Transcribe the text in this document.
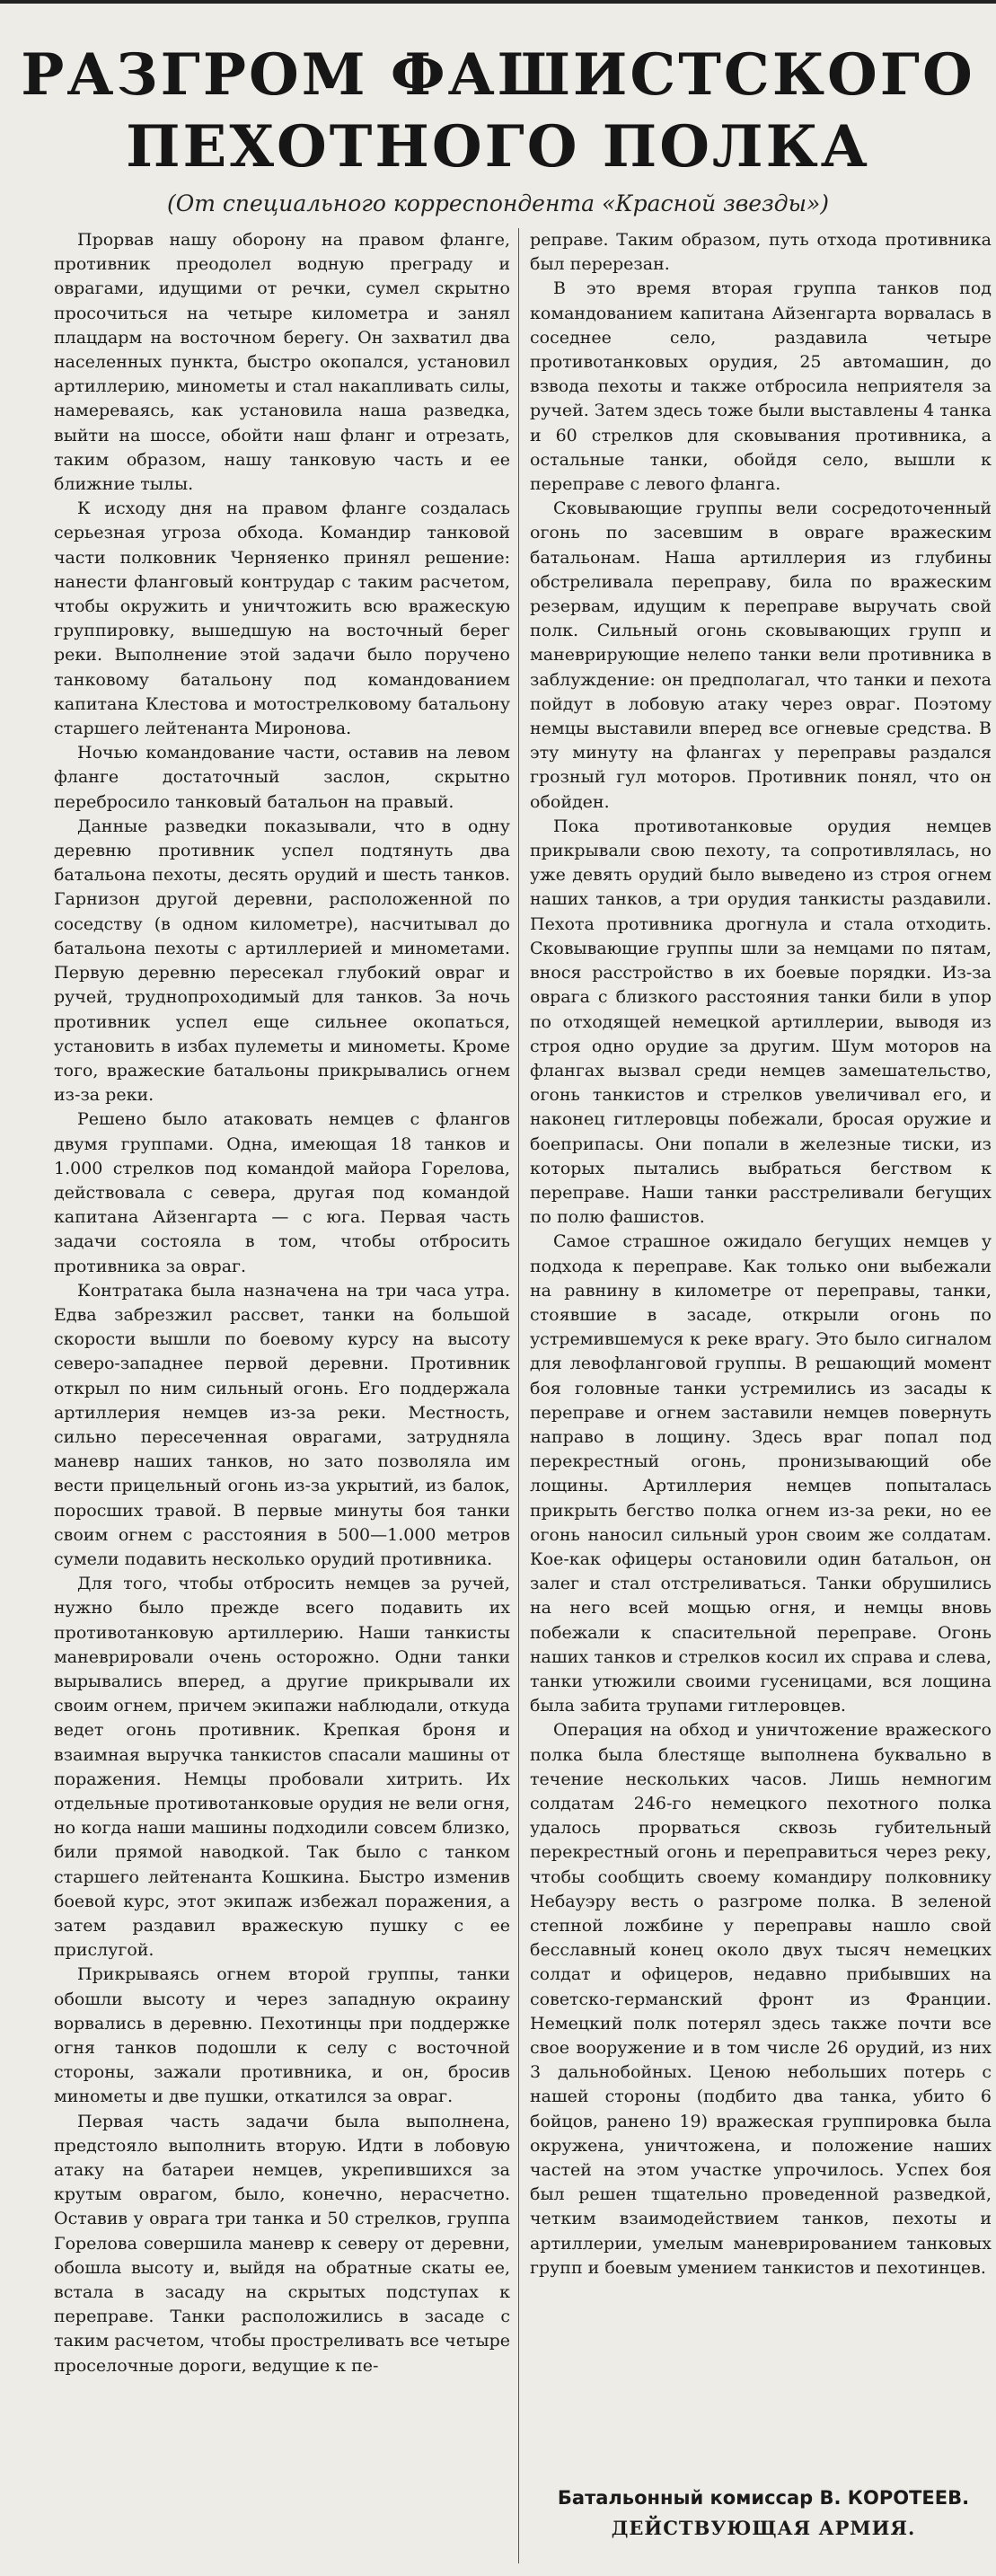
РАЗГРОМ ФАШИСТСКОГО
ПЕХОТНОГО ПОЛКА
(От специального корреспондента «Красной звезды»)

Прорвав нашу оборону на правом фланге, противник преодолел водную преграду и оврагами, идущими от речки, сумел скрытно просочиться на четыре километра и занял плацдарм на восточном берегу. Он захватил два населенных пункта, быстро окопался, установил артиллерию, минометы и стал накапливать силы, намереваясь, как установила наша разведка, выйти на шоссе, обойти наш фланг и отрезать, таким образом, нашу танковую часть и ее ближние тылы.

К исходу дня на правом фланге создалась серьезная угроза обхода. Командир танковой части полковник Черняенко принял решение: нанести фланговый контрудар с таким расчетом, чтобы окружить и уничтожить всю вражескую группировку, вышедшую на восточный берег реки. Выполнение этой задачи было поручено танковому батальону под командованием капитана Клестова и мотострелковому батальону старшего лейтенанта Миронова.

Ночью командование части, оставив на левом фланге достаточный заслон, скрытно перебросило танковый батальон на правый.

Данные разведки показывали, что в одну деревню противник успел подтянуть два батальона пехоты, десять орудий и шесть танков. Гарнизон другой деревни, расположенной по соседству (в одном километре), насчитывал до батальона пехоты с артиллерией и минометами. Первую деревню пересекал глубокий овраг и ручей, труднопроходимый для танков. За ночь противник успел еще сильнее окопаться, установить в избах пулеметы и минометы. Кроме того, вражеские батальоны прикрывались огнем из-за реки.

Решено было атаковать немцев с флангов двумя группами. Одна, имеющая 18 танков и 1.000 стрелков под командой майора Горелова, действовала с севера, другая под командой капитана Айзенгарта — с юга. Первая часть задачи состояла в том, чтобы отбросить противника за овраг.

Контратака была назначена на три часа утра. Едва забрезжил рассвет, танки на большой скорости вышли по боевому курсу на высоту северо-западнее первой деревни. Противник открыл по ним сильный огонь. Его поддержала артиллерия немцев из-за реки. Местность, сильно пересеченная оврагами, затрудняла маневр наших танков, но зато позволяла им вести прицельный огонь из-за укрытий, из балок, поросших травой. В первые минуты боя танки своим огнем с расстояния в 500—1.000 метров сумели подавить несколько орудий противника.

Для того, чтобы отбросить немцев за ручей, нужно было прежде всего подавить их противотанковую артиллерию. Наши танкисты маневрировали очень осторожно. Одни танки вырывались вперед, а другие прикрывали их своим огнем, причем экипажи наблюдали, откуда ведет огонь противник. Крепкая броня и взаимная выручка танкистов спасали машины от поражения. Немцы пробовали хитрить. Их отдельные противотанковые орудия не вели огня, но когда наши машины подходили совсем близко, били прямой наводкой. Так было с танком старшего лейтенанта Кошкина. Быстро изменив боевой курс, этот экипаж избежал поражения, а затем раздавил вражескую пушку с ее прислугой.

Прикрываясь огнем второй группы, танки обошли высоту и через западную окраину ворвались в деревню. Пехотинцы при поддержке огня танков подошли к селу с восточной стороны, зажали противника, и он, бросив минометы и две пушки, откатился за овраг.

Первая часть задачи была выполнена, предстояло выполнить вторую. Идти в лобовую атаку на батареи немцев, укрепившихся за крутым оврагом, было, конечно, нерасчетно. Оставив у оврага три танка и 50 стрелков, группа Горелова совершила маневр к северу от деревни, обошла высоту и, выйдя на обратные скаты ее, встала в засаду на скрытых подступах к переправе. Танки расположились в засаде с таким расчетом, чтобы простреливать все четыре проселочные дороги, ведущие к пе-

реправе. Таким образом, путь отхода противника был перерезан.

В это время вторая группа танков под командованием капитана Айзенгарта ворвалась в соседнее село, раздавила четыре противотанковых орудия, 25 автомашин, до взвода пехоты и также отбросила неприятеля за ручей. Затем здесь тоже были выставлены 4 танка и 60 стрелков для сковывания противника, а остальные танки, обойдя село, вышли к переправе с левого фланга.

Сковывающие группы вели сосредоточенный огонь по засевшим в овраге вражеским батальонам. Наша артиллерия из глубины обстреливала переправу, била по вражеским резервам, идущим к переправе выручать свой полк. Сильный огонь сковывающих групп и маневрирующие нелепо танки вели противника в заблуждение: он предполагал, что танки и пехота пойдут в лобовую атаку через овраг. Поэтому немцы выставили вперед все огневые средства. В эту минуту на флангах у переправы раздался грозный гул моторов. Противник понял, что он обойден.

Пока противотанковые орудия немцев прикрывали свою пехоту, та сопротивлялась, но уже девять орудий было выведено из строя огнем наших танков, а три орудия танкисты раздавили. Пехота противника дрогнула и стала отходить. Сковывающие группы шли за немцами по пятам, внося расстройство в их боевые порядки. Из-за оврага с близкого расстояния танки били в упор по отходящей немецкой артиллерии, выводя из строя одно орудие за другим. Шум моторов на флангах вызвал среди немцев замешательство, огонь танкистов и стрелков увеличивал его, и наконец гитлеровцы побежали, бросая оружие и боеприпасы. Они попали в железные тиски, из которых пытались выбраться бегством к переправе. Наши танки расстреливали бегущих по полю фашистов.

Самое страшное ожидало бегущих немцев у подхода к переправе. Как только они выбежали на равнину в километре от переправы, танки, стоявшие в засаде, открыли огонь по устремившемуся к реке врагу. Это было сигналом для левофланговой группы. В решающий момент боя головные танки устремились из засады к переправе и огнем заставили немцев повернуть направо в лощину. Здесь враг попал под перекрестный огонь, пронизывающий обе лощины. Артиллерия немцев попыталась прикрыть бегство полка огнем из-за реки, но ее огонь наносил сильный урон своим же солдатам. Кое-как офицеры остановили один батальон, он залег и стал отстреливаться. Танки обрушились на него всей мощью огня, и немцы вновь побежали к спасительной переправе. Огонь наших танков и стрелков косил их справа и слева, танки утюжили своими гусеницами, вся лощина была забита трупами гитлеровцев.

Операция на обход и уничтожение вражеского полка была блестяще выполнена буквально в течение нескольких часов. Лишь немногим солдатам 246-го немецкого пехотного полка удалось прорваться сквозь губительный перекрестный огонь и переправиться через реку, чтобы сообщить своему командиру полковнику Небауэру весть о разгроме полка. В зеленой степной ложбине у переправы нашло свой бесславный конец около двух тысяч немецких солдат и офицеров, недавно прибывших на советско-германский фронт из Франции. Немецкий полк потерял здесь также почти все свое вооружение и в том числе 26 орудий, из них 3 дальнобойных. Ценою небольших потерь с нашей стороны (подбито два танка, убито 6 бойцов, ранено 19) вражеская группировка была окружена, уничтожена, и положение наших частей на этом участке упрочилось. Успех боя был решен тщательно проведенной разведкой, четким взаимодействием танков, пехоты и артиллерии, умелым маневрированием танковых групп и боевым умением танкистов и пехотинцев.

Батальонный комиссар В. КОРОТЕЕВ.
ДЕЙСТВУЮЩАЯ АРМИЯ.
